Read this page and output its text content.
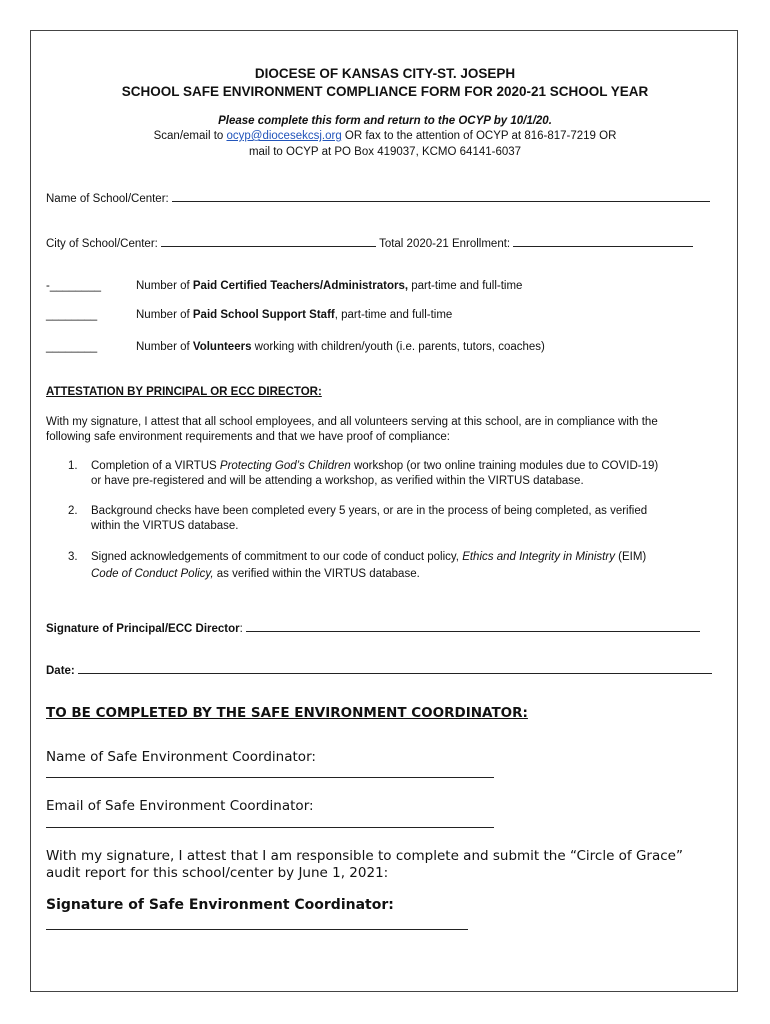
DIOCESE OF KANSAS CITY-ST. JOSEPH
SCHOOL SAFE ENVIRONMENT COMPLIANCE FORM FOR 2020-21 SCHOOL YEAR
Please complete this form and return to the OCYP by 10/1/20.
Scan/email to ocyp@diocesekcsj.org OR fax to the attention of OCYP at 816-817-7219 OR
mail to OCYP at PO Box 419037, KCMO 64141-6037
Name of School/Center:
City of School/Center:	Total 2020-21 Enrollment:
-________	Number of Paid Certified Teachers/Administrators, part-time and full-time
________	Number of Paid School Support Staff, part-time and full-time
________	Number of Volunteers working with children/youth (i.e. parents, tutors, coaches)
ATTESTATION BY PRINCIPAL OR ECC DIRECTOR:
With my signature, I attest that all school employees, and all volunteers serving at this school, are in compliance with the
following safe environment requirements and that we have proof of compliance:
1. Completion of a VIRTUS Protecting God’s Children workshop (or two online training modules due to COVID-19)
or have pre-registered and will be attending a workshop, as verified within the VIRTUS database.
2. Background checks have been completed every 5 years, or are in the process of being completed, as verified
within the VIRTUS database.
3. Signed acknowledgements of commitment to our code of conduct policy, Ethics and Integrity in Ministry (EIM)
Code of Conduct Policy, as verified within the VIRTUS database.
Signature of Principal/ECC Director:
Date:
TO BE COMPLETED BY THE SAFE ENVIRONMENT COORDINATOR:
Name of Safe Environment Coordinator:
Email of Safe Environment Coordinator:
With my signature, I attest that I am responsible to complete and submit the “Circle of Grace”
audit report for this school/center by June 1, 2021:
Signature of Safe Environment Coordinator:
